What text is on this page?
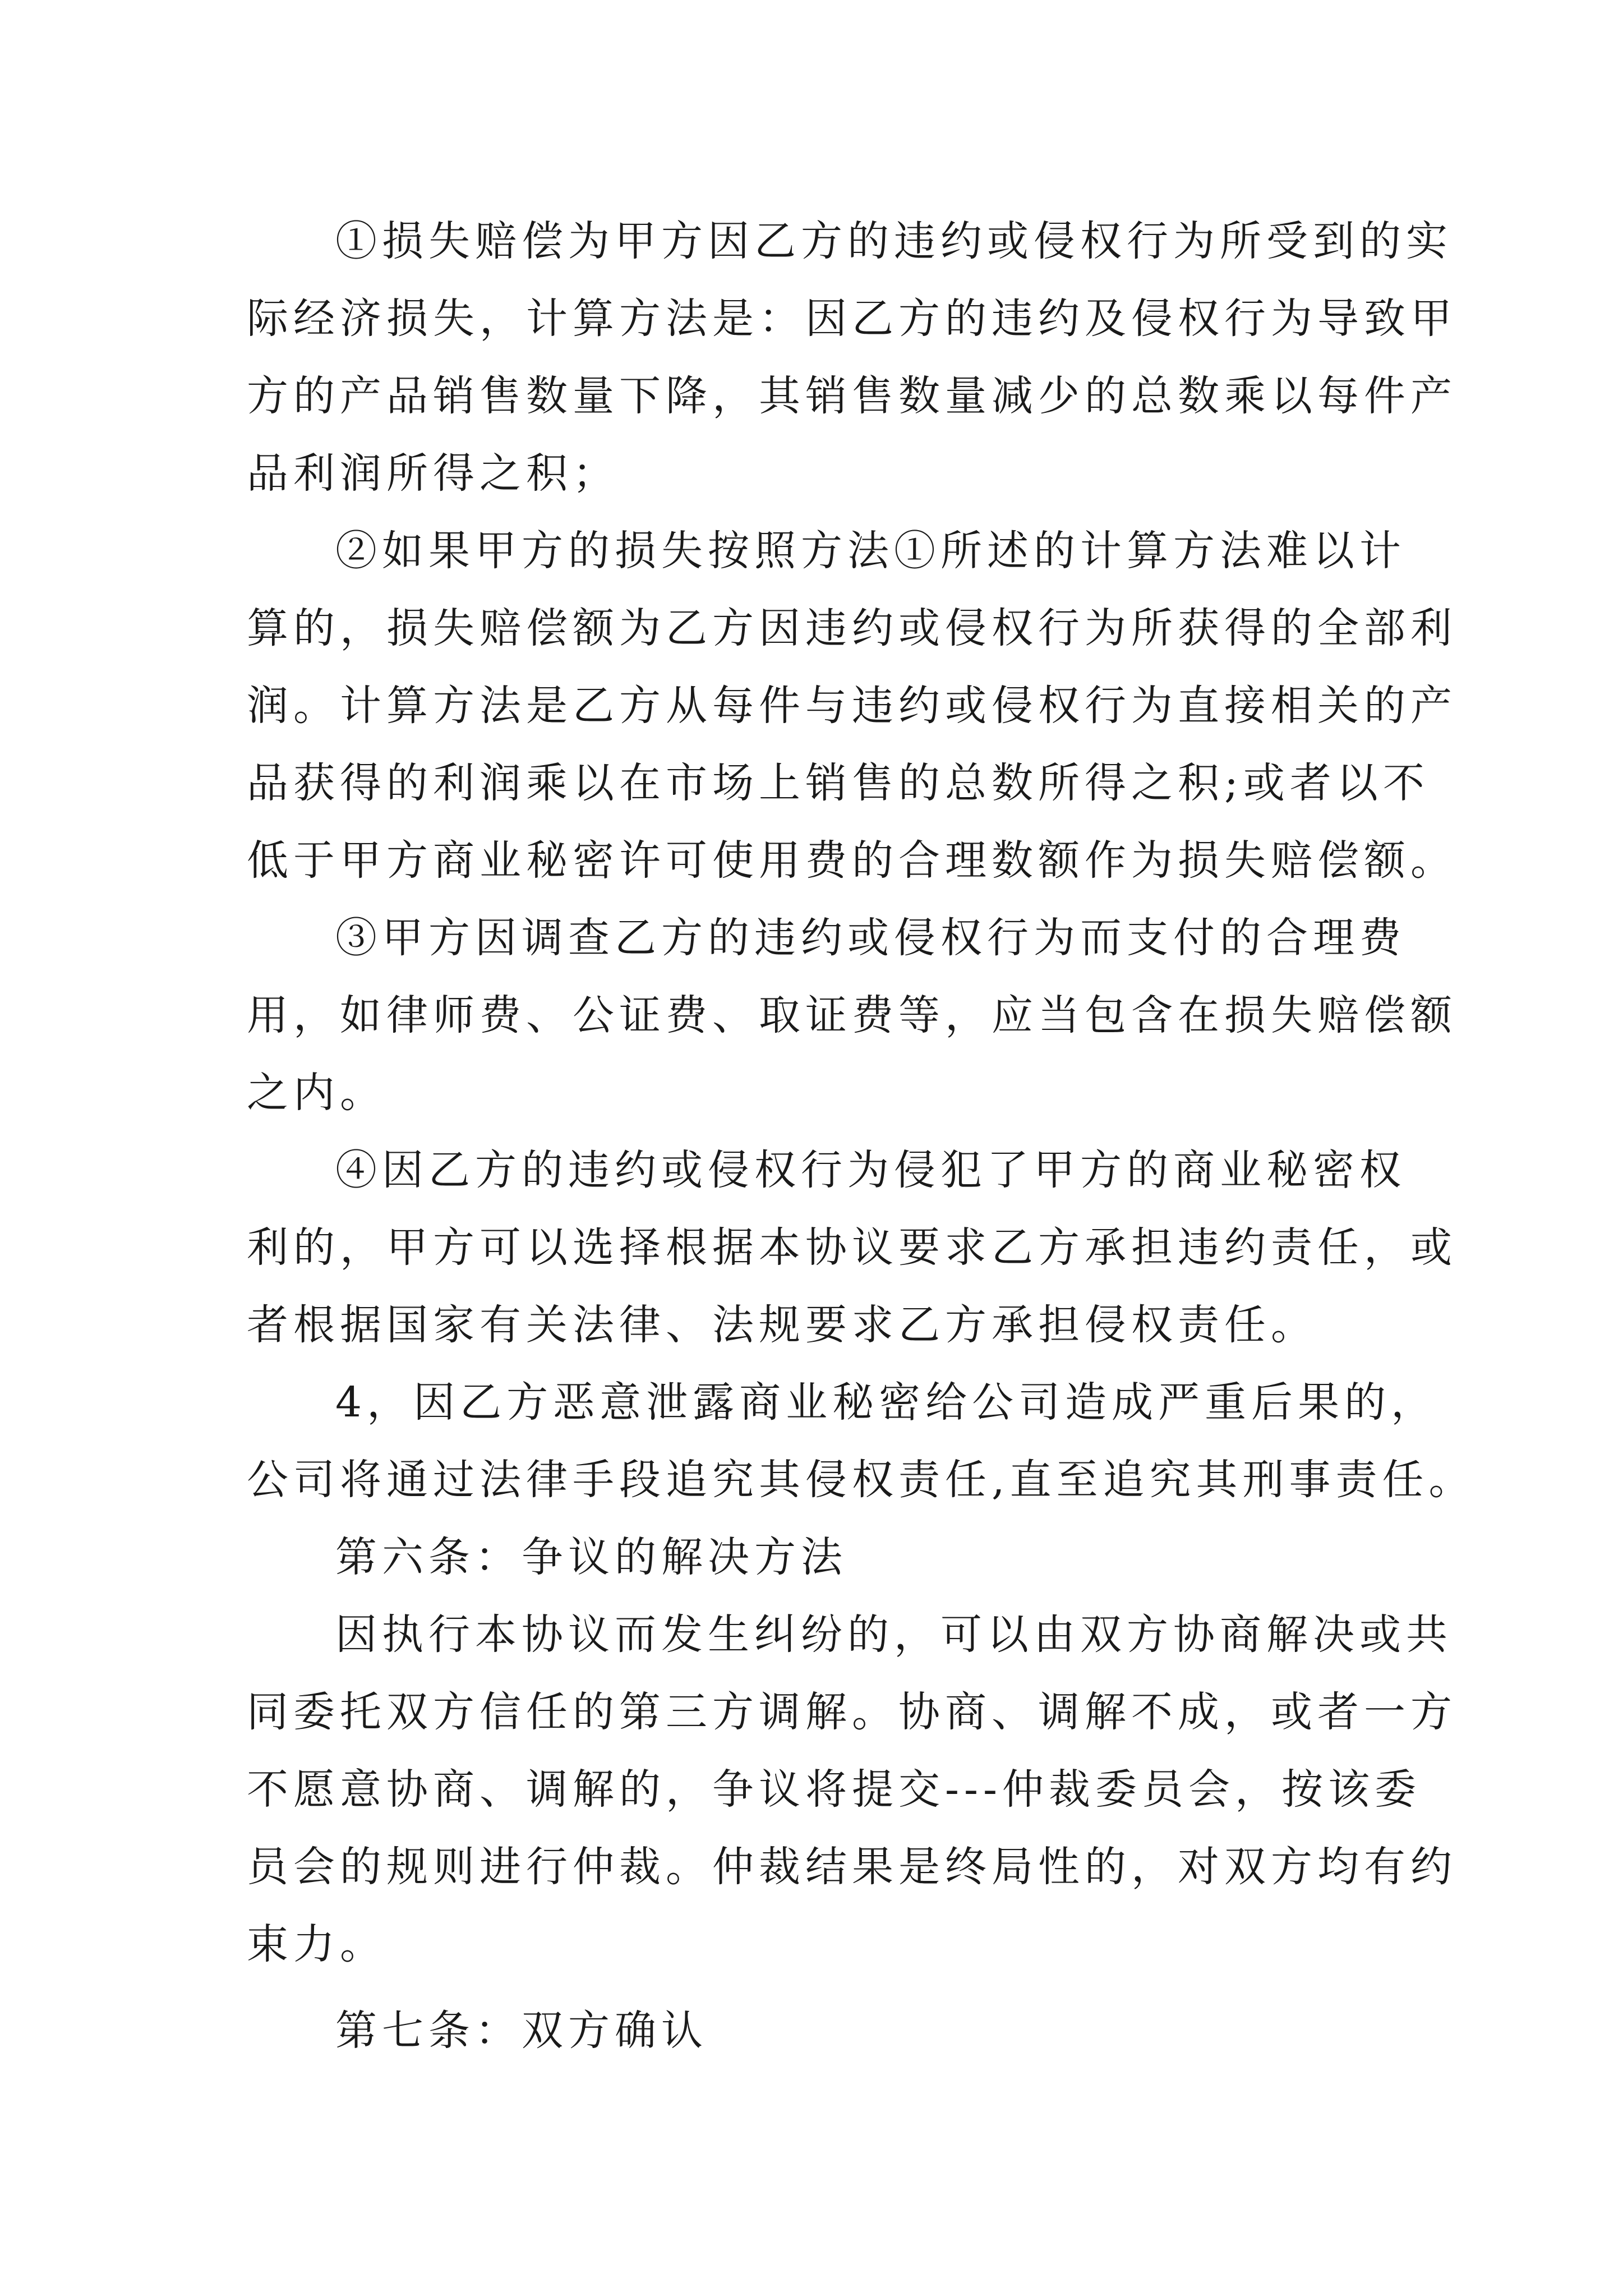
①损失赔偿为甲方因乙方的违约或侵权行为所受到的实

际经济损失，计算方法是：因乙方的违约及侵权行为导致甲

方的产品销售数量下降，其销售数量减少的总数乘以每件产

品利润所得之积；

②如果甲方的损失按照方法①所述的计算方法难以计

算的，损失赔偿额为乙方因违约或侵权行为所获得的全部利

润。计算方法是乙方从每件与违约或侵权行为直接相关的产

品获得的利润乘以在市场上销售的总数所得之积;或者以不

低于甲方商业秘密许可使用费的合理数额作为损失赔偿额。

③甲方因调查乙方的违约或侵权行为而支付的合理费

用，如律师费、公证费、取证费等，应当包含在损失赔偿额

之内。

④因乙方的违约或侵权行为侵犯了甲方的商业秘密权

利的，甲方可以选择根据本协议要求乙方承担违约责任，或

者根据国家有关法律、法规要求乙方承担侵权责任。

4，因乙方恶意泄露商业秘密给公司造成严重后果的，

公司将通过法律手段追究其侵权责任,直至追究其刑事责任。

第六条：争议的解决方法

因执行本协议而发生纠纷的，可以由双方协商解决或共

同委托双方信任的第三方调解。协商、调解不成，或者一方

不愿意协商、调解的，争议将提交---仲裁委员会，按该委

员会的规则进行仲裁。仲裁结果是终局性的，对双方均有约

束力。

第七条：双方确认
